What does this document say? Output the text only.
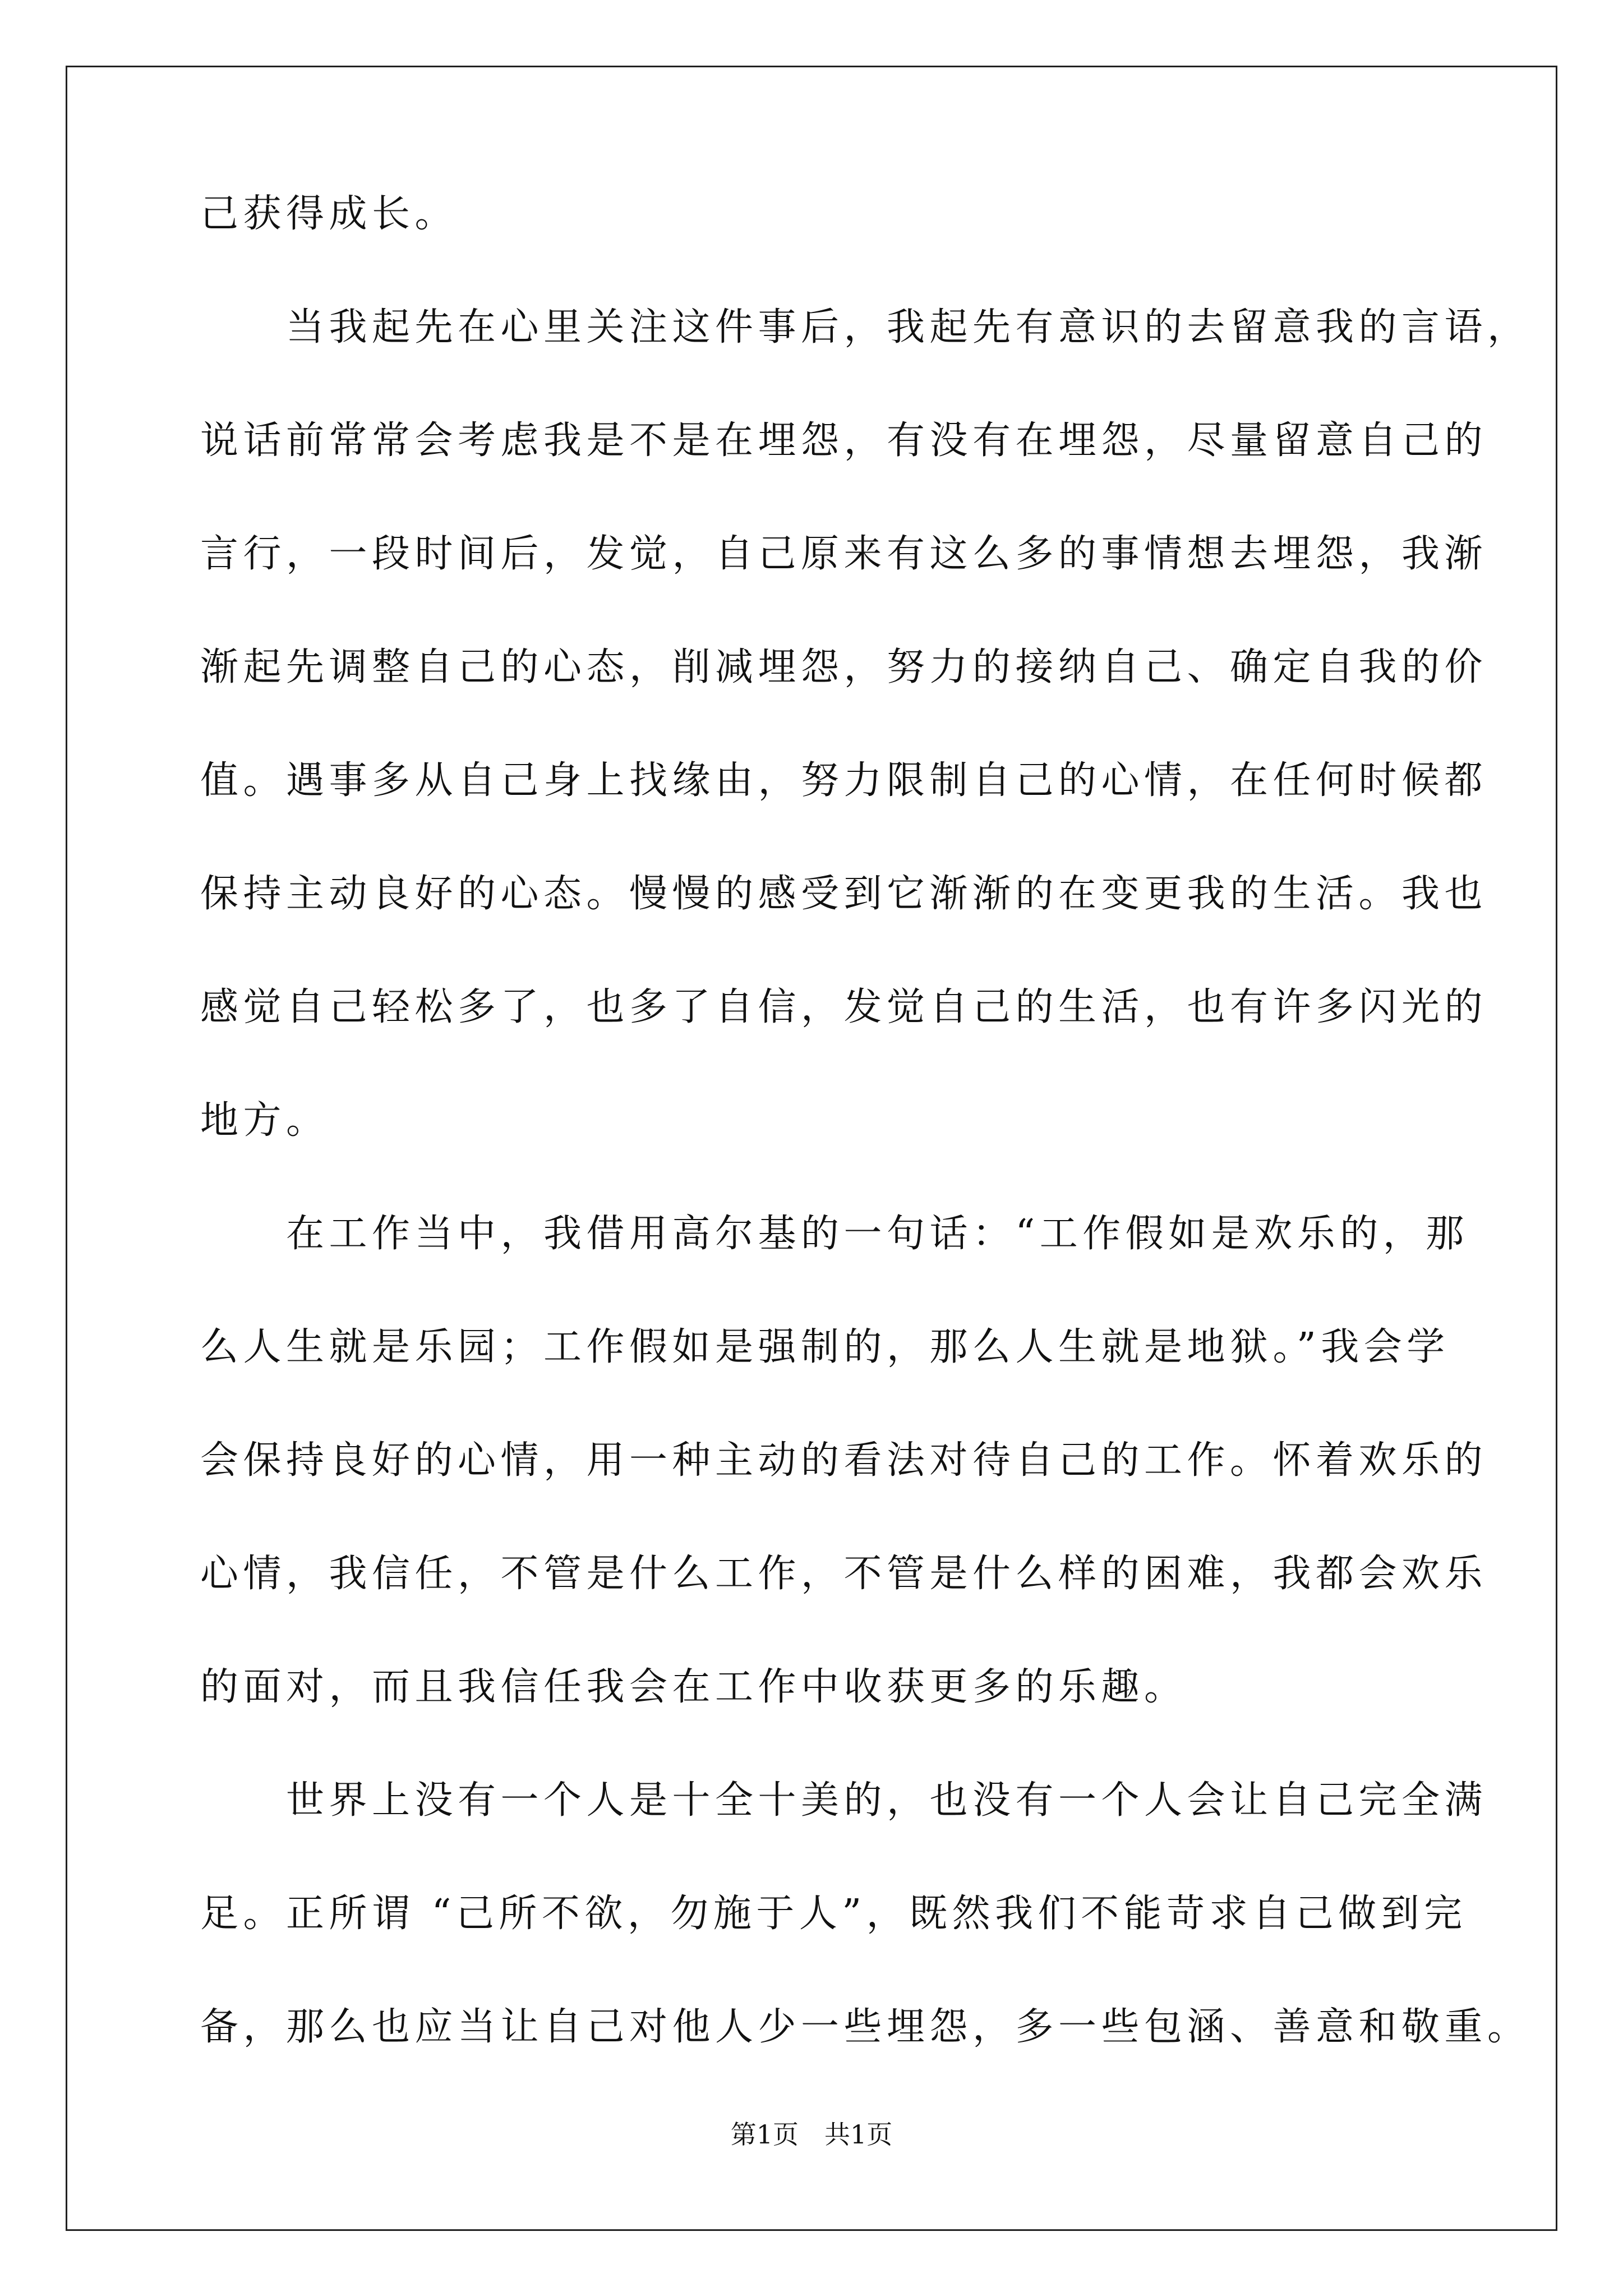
己获得成长。
　　当我起先在心里关注这件事后，我起先有意识的去留意我的言语，
说话前常常会考虑我是不是在埋怨，有没有在埋怨，尽量留意自己的
言行，一段时间后，发觉，自己原来有这么多的事情想去埋怨，我渐
渐起先调整自己的心态，削减埋怨，努力的接纳自己、确定自我的价
值。遇事多从自己身上找缘由，努力限制自己的心情，在任何时候都
保持主动良好的心态。慢慢的感受到它渐渐的在变更我的生活。我也
感觉自己轻松多了，也多了自信，发觉自己的生活，也有许多闪光的
地方。
　　在工作当中，我借用高尔基的一句话：“工作假如是欢乐的，那
么人生就是乐园；工作假如是强制的，那么人生就是地狱。”我会学
会保持良好的心情，用一种主动的看法对待自己的工作。怀着欢乐的
心情，我信任，不管是什么工作，不管是什么样的困难，我都会欢乐
的面对，而且我信任我会在工作中收获更多的乐趣。
　　世界上没有一个人是十全十美的，也没有一个人会让自己完全满
足。正所谓 “己所不欲，勿施于人”，既然我们不能苛求自己做到完
备，那么也应当让自己对他人少一些埋怨，多一些包涵、善意和敬重。
第1页　共1页
